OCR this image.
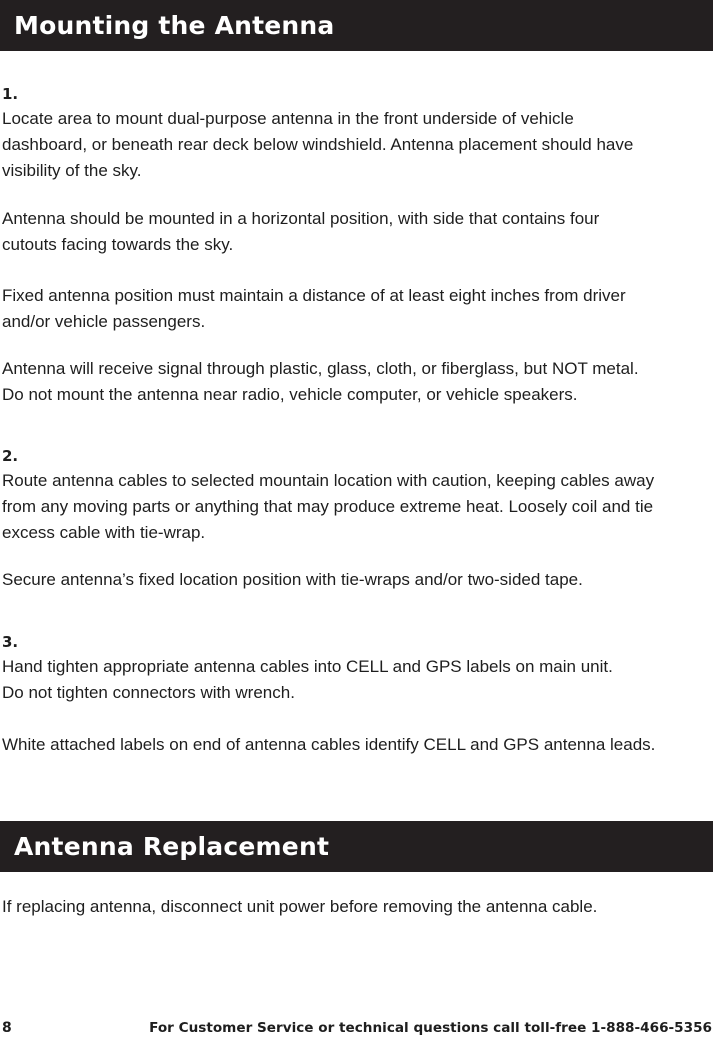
Mounting the Antenna
1.

Locate area to mount dual-purpose antenna in the front underside of vehicle
dashboard, or beneath rear deck below windshield. Antenna placement should have
visibility of the sky.

Antenna should be mounted in a horizontal position, with side that contains four
cutouts facing towards the sky.

Fixed antenna position must maintain a distance of at least eight inches from driver
and/or vehicle passengers.

Antenna will receive signal through plastic, glass, cloth, or fiberglass, but NOT metal.
Do not mount the antenna near radio, vehicle computer, or vehicle speakers.

2.

Route antenna cables to selected mountain location with caution, keeping cables away
from any moving parts or anything that may produce extreme heat. Loosely coil and tie
excess cable with tie-wrap.

Secure antenna’s fixed location position with tie-wraps and/or two-sided tape.

3.

Hand tighten appropriate antenna cables into CELL and GPS labels on main unit.
Do not tighten connectors with wrench.

White attached labels on end of antenna cables identify CELL and GPS antenna leads.

Antenna Replacement

If replacing antenna, disconnect unit power before removing the antenna cable.

8	For Customer Service or technical questions call toll-free 1-888-466-5356
